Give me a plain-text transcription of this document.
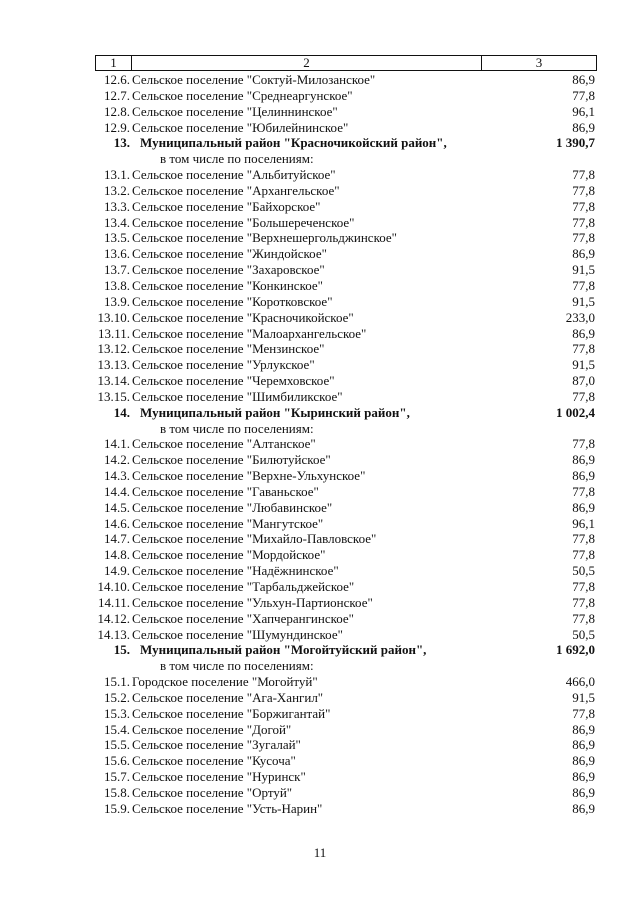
1	2	3
12.6. Сельское поселение "Соктуй-Милозанское"	86,9
12.7. Сельское поселение "Среднеаргунское"	77,8
12.8. Сельское поселение "Целиннинское"	96,1
12.9. Сельское поселение "Юбилейнинское"	86,9
13. Муниципальный район "Красночикойский район",	1 390,7
в том числе по поселениям:
13.1. Сельское поселение "Альбитуйское"	77,8
13.2. Сельское поселение "Архангельское"	77,8
13.3. Сельское поселение "Байхорское"	77,8
13.4. Сельское поселение "Большереченское"	77,8
13.5. Сельское поселение "Верхнешергольджинское"	77,8
13.6. Сельское поселение "Жиндойское"	86,9
13.7. Сельское поселение "Захаровское"	91,5
13.8. Сельское поселение "Конкинское"	77,8
13.9. Сельское поселение "Коротковское"	91,5
13.10. Сельское поселение "Красночикойское"	233,0
13.11. Сельское поселение "Малоархангельское"	86,9
13.12. Сельское поселение "Мензинское"	77,8
13.13. Сельское поселение "Урлукское"	91,5
13.14. Сельское поселение "Черемховское"	87,0
13.15. Сельское поселение "Шимбиликское"	77,8
14. Муниципальный район "Кыринский район",	1 002,4
в том числе по поселениям:
14.1. Сельское поселение "Алтанское"	77,8
14.2. Сельское поселение "Билютуйское"	86,9
14.3. Сельское поселение "Верхне-Ульхунское"	86,9
14.4. Сельское поселение "Гаваньское"	77,8
14.5. Сельское поселение "Любавинское"	86,9
14.6. Сельское поселение "Мангутское"	96,1
14.7. Сельское поселение "Михайло-Павловское"	77,8
14.8. Сельское поселение "Мордойское"	77,8
14.9. Сельское поселение "Надёжнинское"	50,5
14.10. Сельское поселение "Тарбальджейское"	77,8
14.11. Сельское поселение "Ульхун-Партионское"	77,8
14.12. Сельское поселение "Хапчерангинское"	77,8
14.13. Сельское поселение "Шумундинское"	50,5
15. Муниципальный район "Могойтуйский район",	1 692,0
в том числе по поселениям:
15.1. Городское поселение "Могойтуй"	466,0
15.2. Сельское поселение "Ага-Хангил"	91,5
15.3. Сельское поселение "Боржигантай"	77,8
15.4. Сельское поселение "Догой"	86,9
15.5. Сельское поселение "Зугалай"	86,9
15.6. Сельское поселение "Кусоча"	86,9
15.7. Сельское поселение "Нуринск"	86,9
15.8. Сельское поселение "Ортуй"	86,9
15.9. Сельское поселение "Усть-Нарин"	86,9
11
